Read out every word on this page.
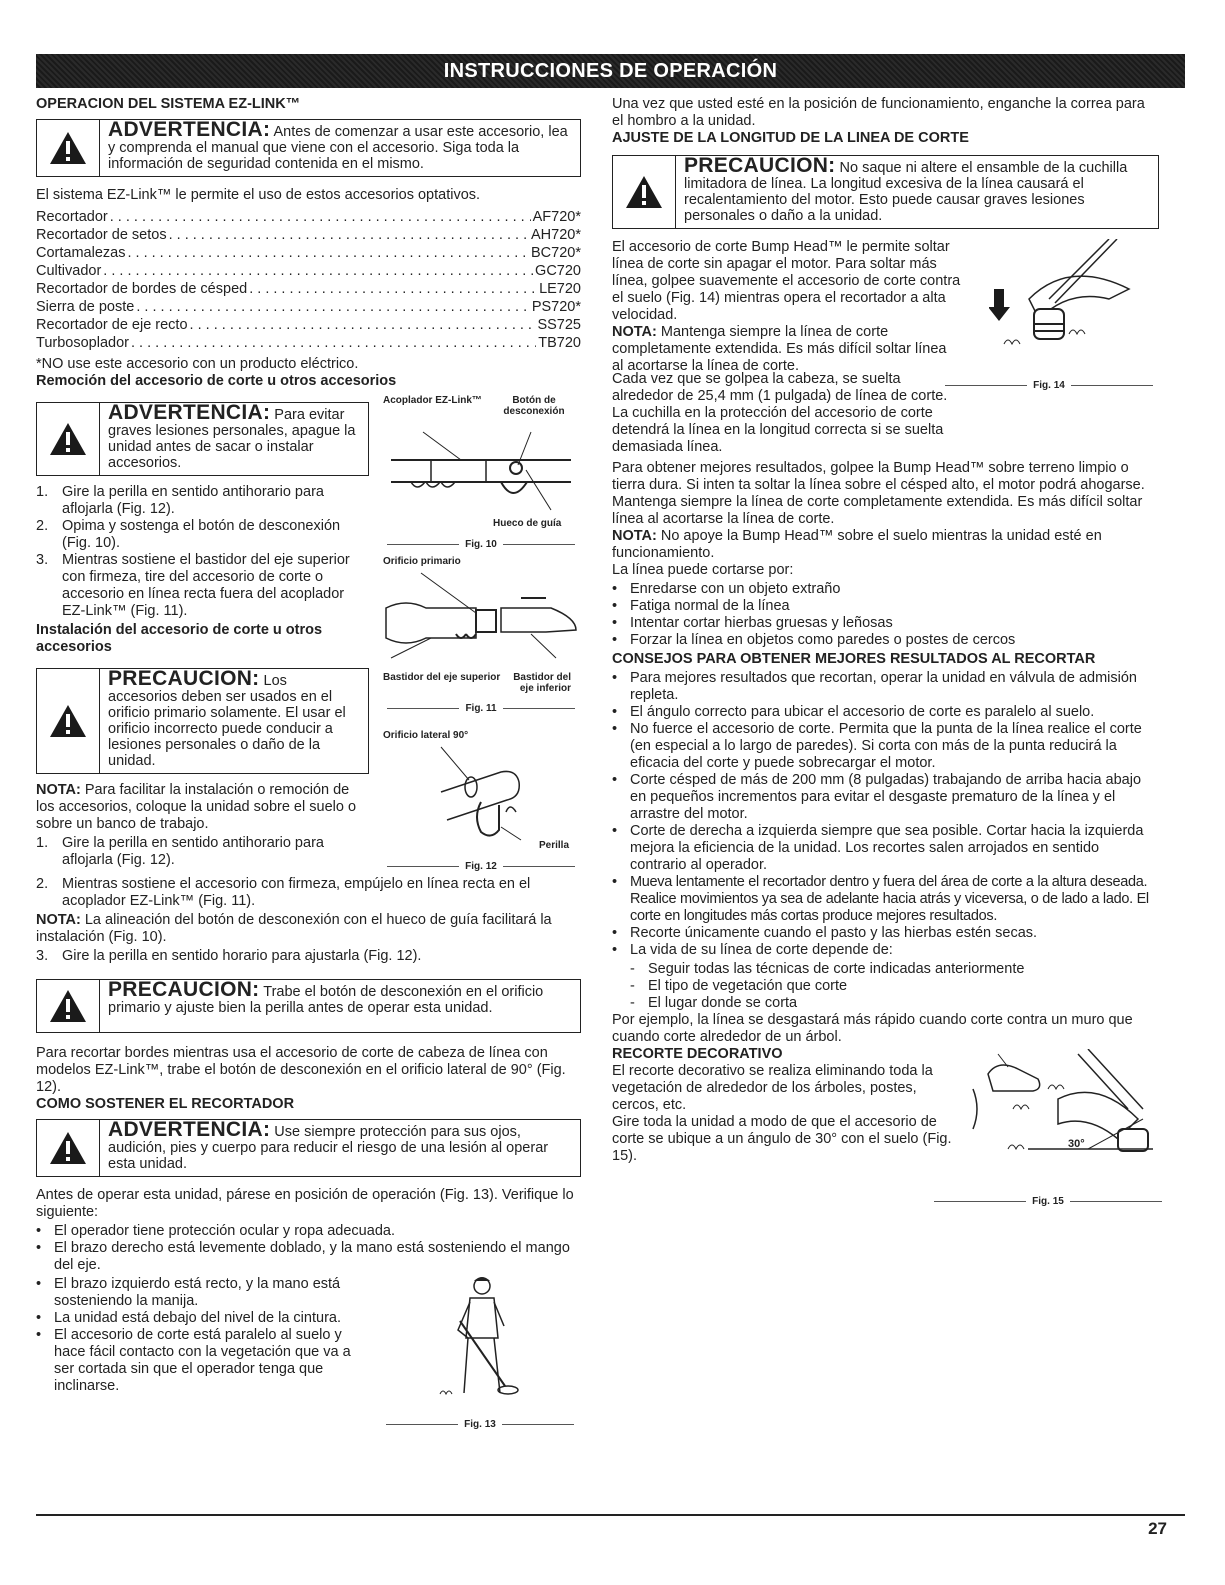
INSTRUCCIONES DE OPERACIÓN
OPERACION DEL SISTEMA EZ-LINK™
ADVERTENCIA: Antes de comenzar a usar este accesorio, lea y comprenda el manual que viene con el accesorio. Siga toda la información de seguridad contenida en el mismo.

El sistema EZ-Link™ le permite el uso de estos accesorios optativos.

Recortador . . .	AF720*
Recortador de setos . . .	AH720*
Cortamalezas . . .	BC720*
Cultivador . . .	GC720
Recortador de bordes de césped . . .	LE720
Sierra de poste . . .	PS720*
Recortador de eje recto . . .	SS725
Turbosoplador . . .	TB720

*NO use este accesorio con un producto eléctrico.

Remoción del accesorio de corte u otros accesorios
ADVERTENCIA: Para evitar graves lesiones personales, apague la unidad antes de sacar o instalar accesorios.
1. Gire la perilla en sentido antihorario para aflojarla (Fig. 12).
2. Opima y sostenga el botón de desconexión (Fig. 10).
3. Mientras sostiene el bastidor del eje superior con firmeza, tire del accesorio de corte o accesorio en línea recta fuera del acoplador EZ-Link™ (Fig. 11).
Instalación del accesorio de corte u otros accesorios
PRECAUCION: Los accesorios deben ser usados en el orificio primario solamente. El usar el orificio incorrecto puede conducir a lesiones personales o daño de la unidad.

NOTA: Para facilitar la instalación o remoción de los accesorios, coloque la unidad sobre el suelo o sobre un banco de trabajo.

1. Gire la perilla en sentido antihorario para aflojarla (Fig. 12).
Acoplador EZ-Link™	Botón de desconexión
Hueco de guía
Fig. 10
Orificio primario
Bastidor del eje superior	Bastidor del eje inferior
Fig. 11
Orificio lateral 90°
Perilla
Fig. 12
2. Mientras sostiene el accesorio con firmeza, empújelo en línea recta en el acoplador EZ-Link™ (Fig. 11).

NOTA: La alineación del botón de desconexión con el hueco de guía facilitará la instalación (Fig. 10).

3. Gire la perilla en sentido horario para ajustarla (Fig. 12).
PRECAUCION: Trabe el botón de desconexión en el orificio primario y ajuste bien la perilla antes de operar esta unidad.

Para recortar bordes mientras usa el accesorio de corte de cabeza de línea con modelos EZ-Link™, trabe el botón de desconexión en el orificio lateral de 90° (Fig. 12).

COMO SOSTENER EL RECORTADOR
ADVERTENCIA: Use siempre protección para sus ojos, audición, pies y cuerpo para reducir el riesgo de una lesión al operar esta unidad.

Antes de operar esta unidad, párese en posición de operación (Fig. 13). Verifique lo siguiente:

• El operador tiene protección ocular y ropa adecuada.
• El brazo derecho está levemente doblado, y la mano está sosteniendo el mango del eje.
• El brazo izquierdo está recto, y la mano está sosteniendo la manija.
• La unidad está debajo del nivel de la cintura.
• El accesorio de corte está paralelo al suelo y hace fácil contacto con la vegetación que va a ser cortada sin que el operador tenga que inclinarse.
Fig. 13

Una vez que usted esté en la posición de funcionamiento, enganche la correa para el hombro a la unidad.

AJUSTE DE LA LONGITUD DE LA LINEA DE CORTE
PRECAUCION: No saque ni altere el ensamble de la cuchilla limitadora de línea. La longitud excesiva de la línea causará el recalentamiento del motor. Esto puede causar graves lesiones personales o daño a la unidad.

El accesorio de corte Bump Head™ le permite soltar línea de corte sin apagar el motor. Para soltar más línea, golpee suavemente el accesorio de corte contra el suelo (Fig. 14) mientras opera el recortador a alta velocidad.

NOTA: Mantenga siempre la línea de corte completamente extendida. Es más difícil soltar línea al acortarse la línea de corte.

Fig. 14

Cada vez que se golpea la cabeza, se suelta alrededor de 25,4 mm (1 pulgada) de línea de corte. La cuchilla en la protección del accesorio de corte detendrá la línea en la longitud correcta si se suelta demasiada línea.

Para obtener mejores resultados, golpee la Bump Head™ sobre terreno limpio o tierra dura. Si inten ta soltar la línea sobre el césped alto, el motor podrá ahogarse. Mantenga siempre la línea de corte completamente extendida. Es más difícil soltar línea al acortarse la línea de corte.

NOTA: No apoye la Bump Head™ sobre el suelo mientras la unidad esté en funcionamiento.

La línea puede cortarse por:

• Enredarse con un objeto extraño
• Fatiga normal de la línea
• Intentar cortar hierbas gruesas y leñosas
• Forzar la línea en objetos como paredes o postes de cercos
CONSEJOS PARA OBTENER MEJORES RESULTADOS AL RECORTAR
• Para mejores resultados que recortan, operar la unidad en válvula de admisión repleta.
• El ángulo correcto para ubicar el accesorio de corte es paralelo al suelo.
• No fuerce el accesorio de corte. Permita que la punta de la línea realice el corte (en especial a lo largo de paredes). Si corta con más de la punta reducirá la eficacia del corte y puede sobrecargar el motor.
• Corte césped de más de 200 mm (8 pulgadas) trabajando de arriba hacia abajo en pequeños incrementos para evitar el desgaste prematuro de la línea y el arrastre del motor.
• Corte de derecha a izquierda siempre que sea posible. Cortar hacia la izquierda mejora la eficiencia de la unidad. Los recortes salen arrojados en sentido contrario al operador.
• Mueva lentamente el recortador dentro y fuera del área de corte a la altura deseada. Realice movimientos ya sea de adelante hacia atrás y viceversa, o de lado a lado. El corte en longitudes más cortas produce mejores resultados.
• Recorte únicamente cuando el pasto y las hierbas estén secas.
• La vida de su línea de corte depende de:
- Seguir todas las técnicas de corte indicadas anteriormente
- El tipo de vegetación que corte
- El lugar donde se corta

Por ejemplo, la línea se desgastará más rápido cuando corte contra un muro que cuando corte alrededor de un árbol.

RECORTE DECORATIVO

El recorte decorativo se realiza eliminando toda la vegetación de alrededor de los árboles, postes, cercos, etc.

Gire toda la unidad a modo de que el accesorio de corte se ubique a un ángulo de 30° con el suelo (Fig. 15).

30°
Fig. 15
27
